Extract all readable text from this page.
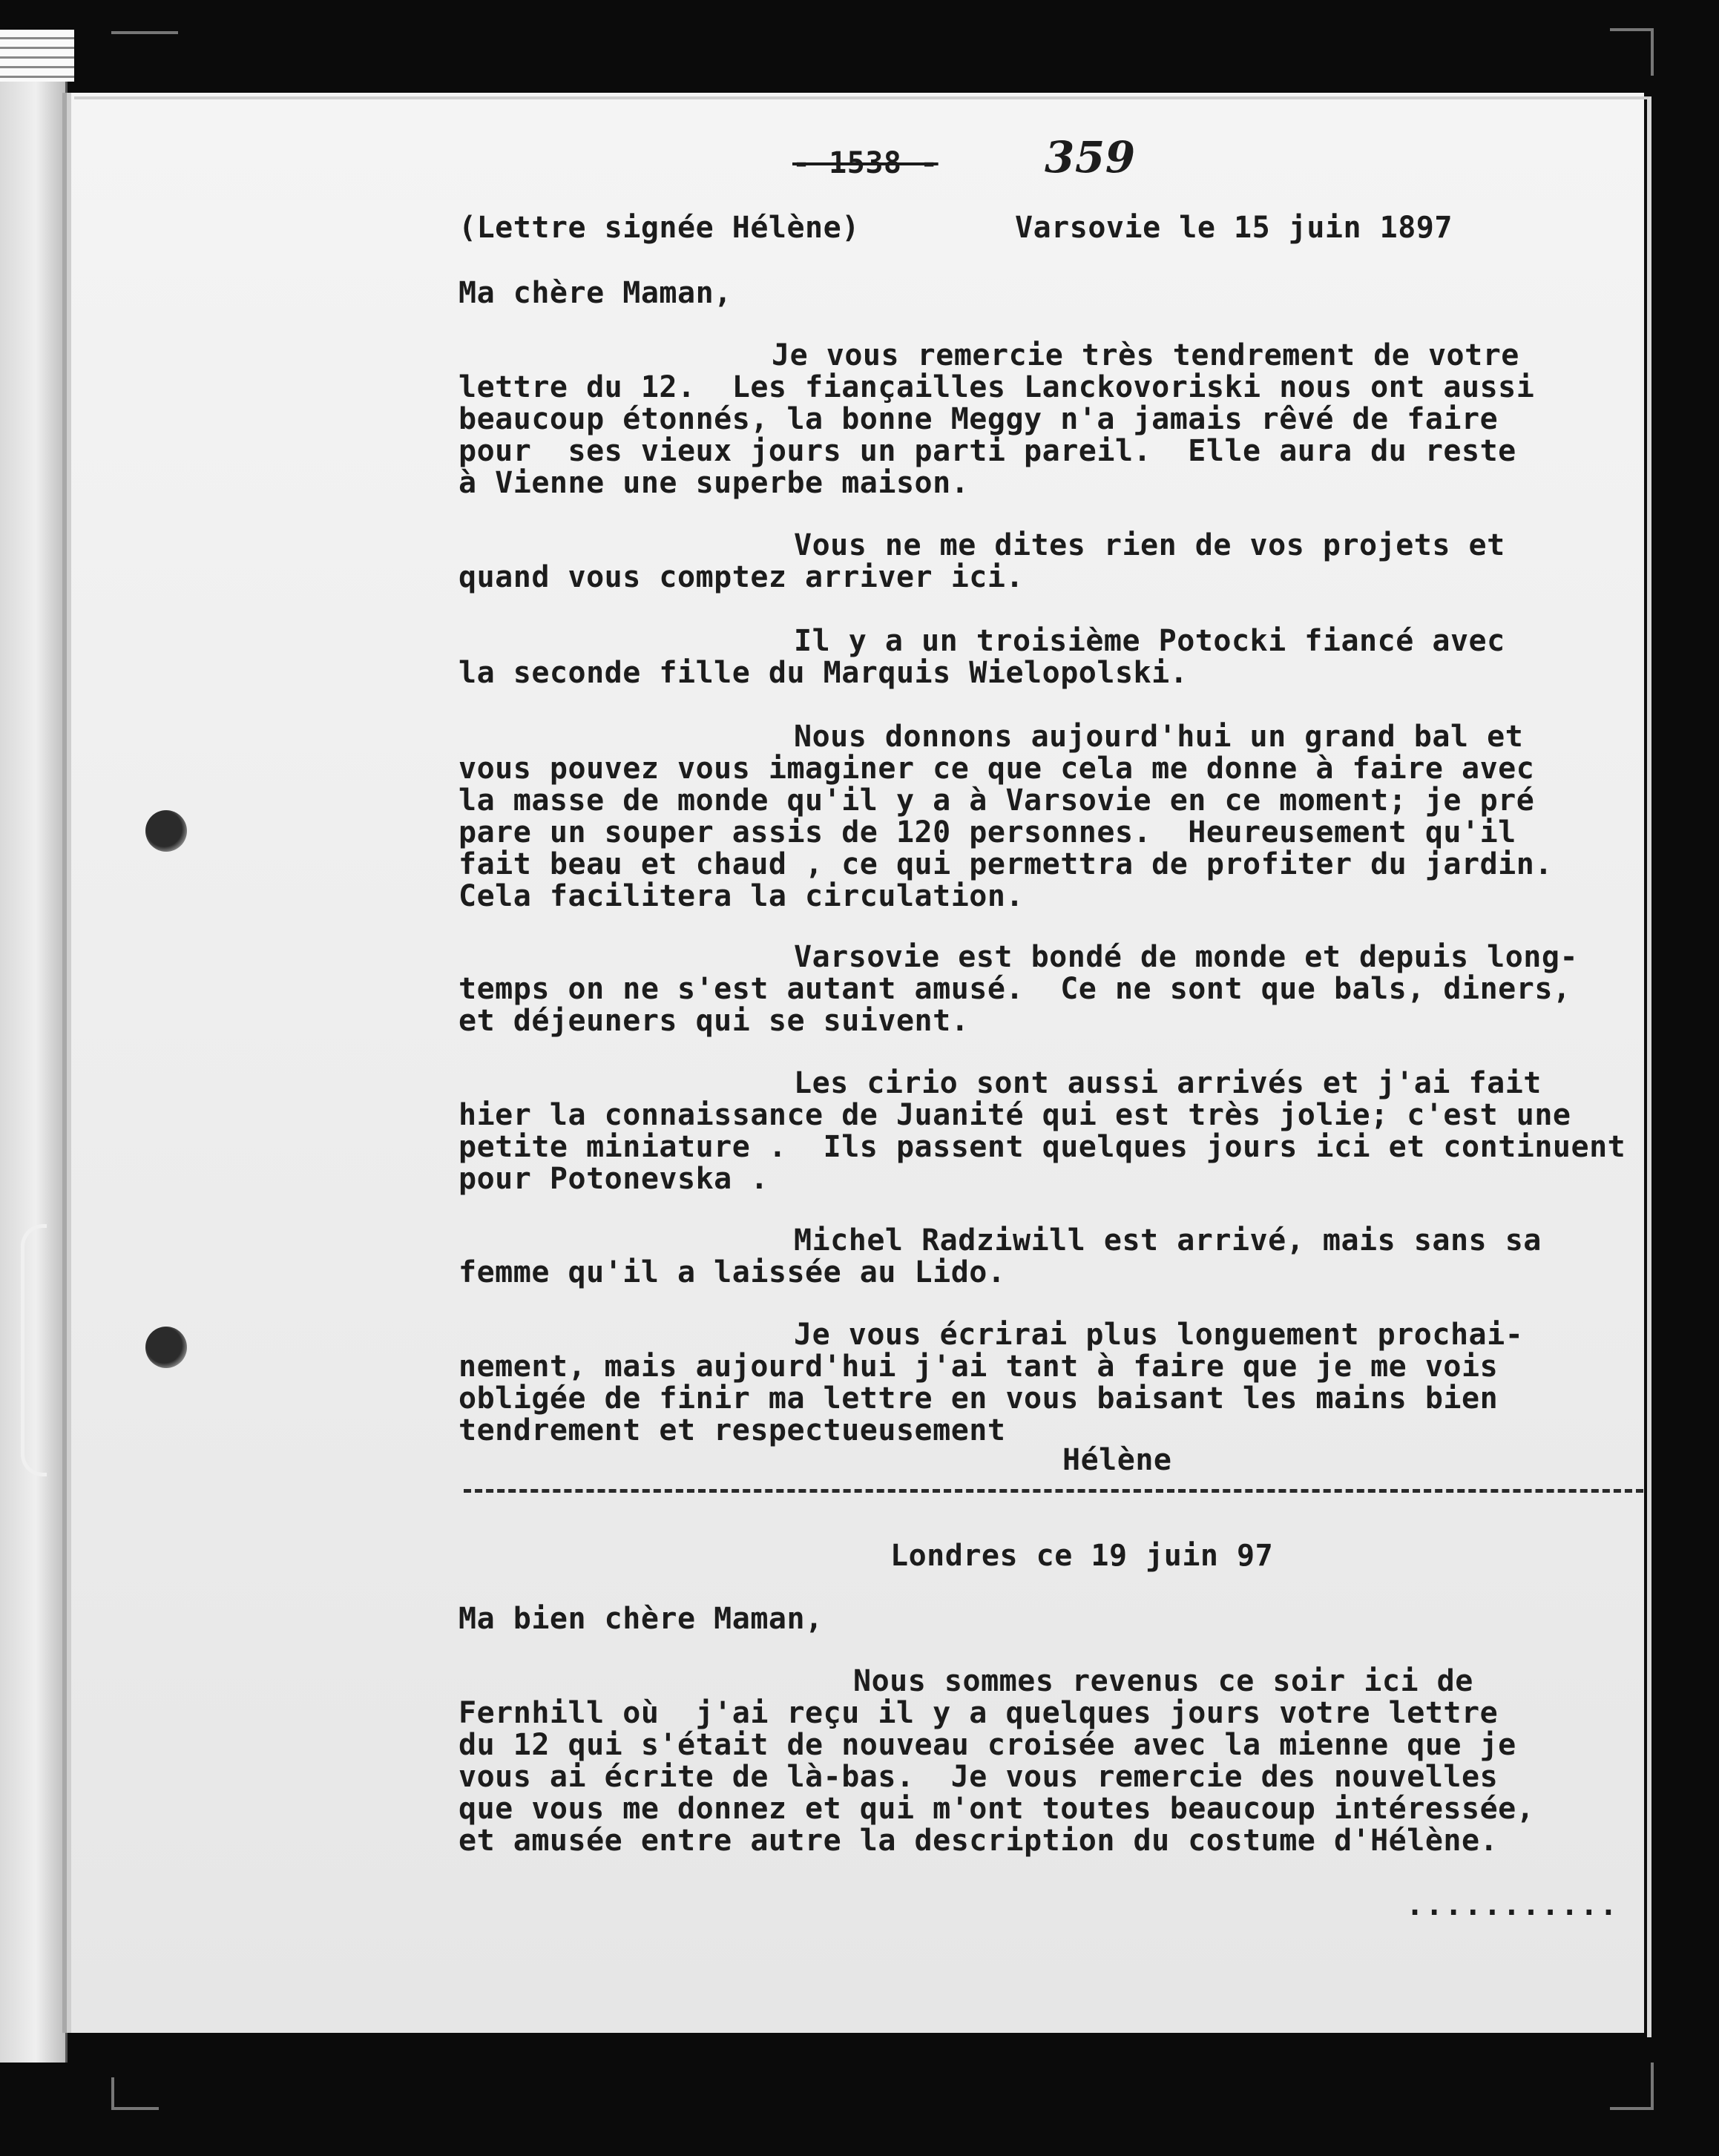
- 1538 - 359
(Lettre signée Hélène)	Varsovie le 15 juin 1897
Ma chère Maman,
Je vous remercie très tendrement de votre
lettre du 12.  Les fiançailles Lanckovoriski nous ont aussi
beaucoup étonnés, la bonne Meggy n'a jamais rêvé de faire
pour  ses vieux jours un parti pareil.  Elle aura du reste
à Vienne une superbe maison.
Vous ne me dites rien de vos projets et
quand vous comptez arriver ici.
Il y a un troisième Potocki fiancé avec
la seconde fille du Marquis Wielopolski.
Nous donnons aujourd'hui un grand bal et
vous pouvez vous imaginer ce que cela me donne à faire avec
la masse de monde qu'il y a à Varsovie en ce moment; je pré
pare un souper assis de 120 personnes.  Heureusement qu'il
fait beau et chaud , ce qui permettra de profiter du jardin.
Cela facilitera la circulation.
Varsovie est bondé de monde et depuis long-
temps on ne s'est autant amusé.  Ce ne sont que bals, diners,
et déjeuners qui se suivent.
Les cirio sont aussi arrivés et j'ai fait
hier la connaissance de Juanité qui est très jolie; c'est une
petite miniature .  Ils passent quelques jours ici et continuent
pour Potonevska .
Michel Radziwill est arrivé, mais sans sa
femme qu'il a laissée au Lido.
Je vous écrirai plus longuement prochai-
nement, mais aujourd'hui j'ai tant à faire que je me vois
obligée de finir ma lettre en vous baisant les mains bien
tendrement et respectueusement
Hélène
Londres ce 19 juin 97
Ma bien chère Maman,
Nous sommes revenus ce soir ici de
Fernhill où  j'ai reçu il y a quelques jours votre lettre
du 12 qui s'était de nouveau croisée avec la mienne que je
vous ai écrite de là-bas.  Je vous remercie des nouvelles
que vous me donnez et qui m'ont toutes beaucoup intéressée,
et amusée entre autre la description du costume d'Hélène.
...........
